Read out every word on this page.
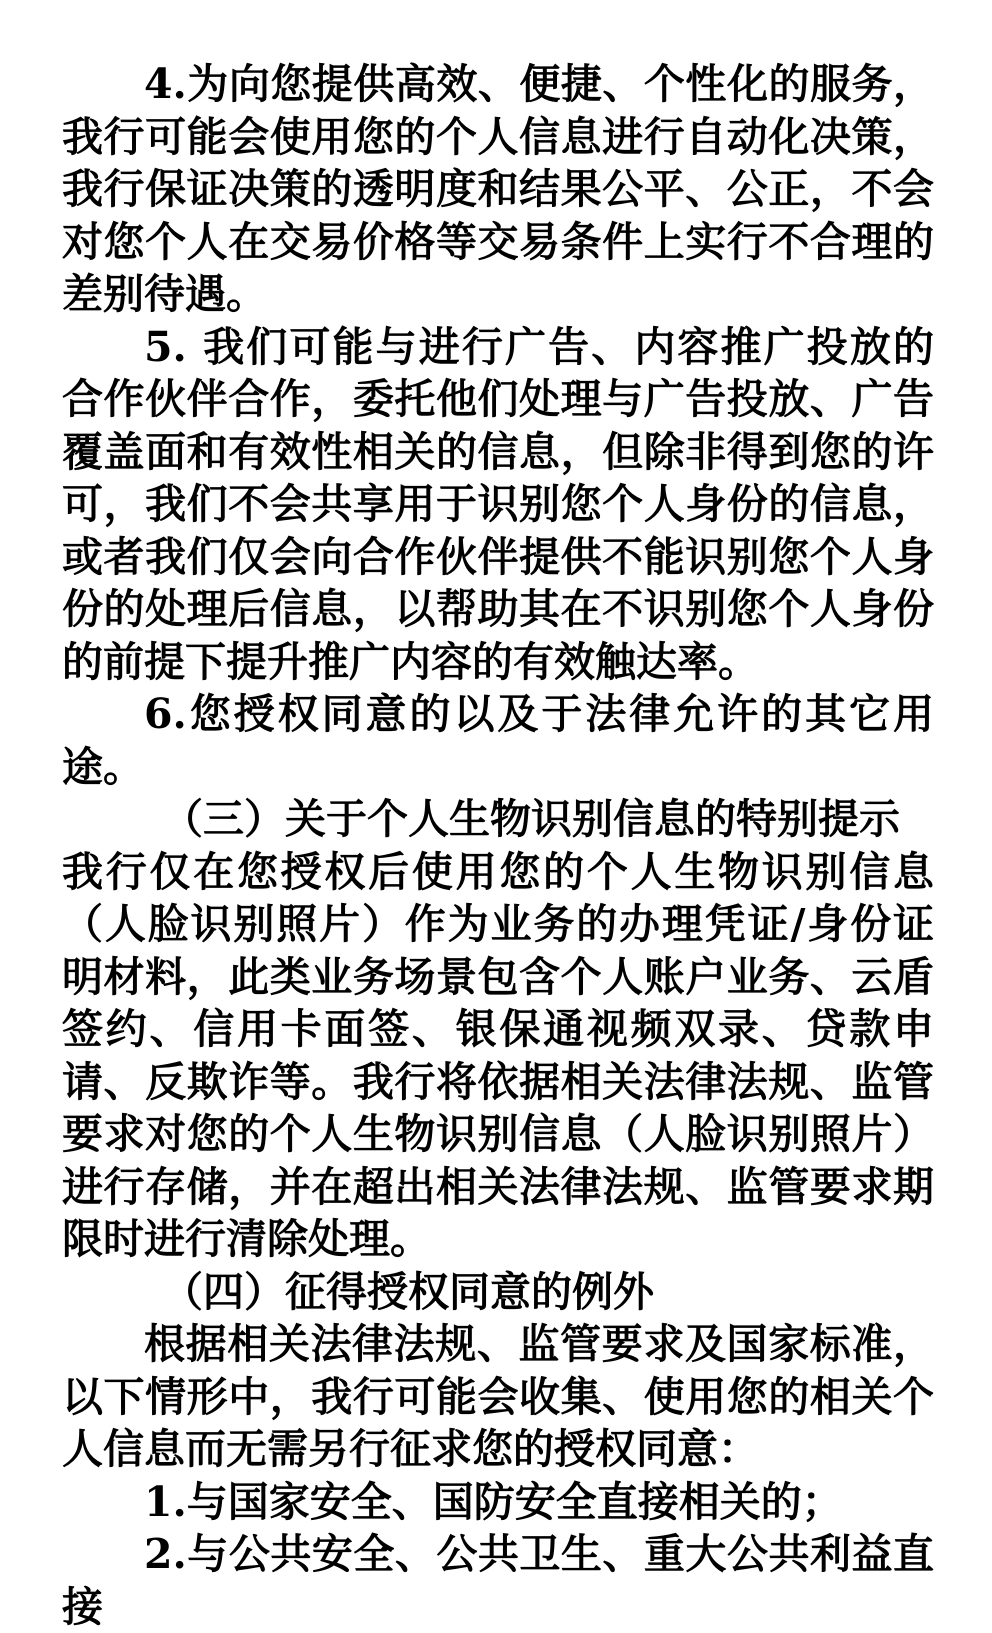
4.为向您提供高效、便捷、个性化的服务，我行可能会使用您的个人信息进行自动化决策，我行保证决策的透明度和结果公平、公正，不会对您个人在交易价格等交易条件上实行不合理的差别待遇。

5. 我们可能与进行广告、内容推广投放的合作伙伴合作，委托他们处理与广告投放、广告覆盖面和有效性相关的信息，但除非得到您的许可，我们不会共享用于识别您个人身份的信息，或者我们仅会向合作伙伴提供不能识别您个人身份的处理后信息，以帮助其在不识别您个人身份的前提下提升推广内容的有效触达率。

6.您授权同意的以及于法律允许的其它用途。

（三）关于个人生物识别信息的特别提示

我行仅在您授权后使用您的个人生物识别信息（人脸识别照片）作为业务的办理凭证/身份证明材料，此类业务场景包含个人账户业务、云盾签约、信用卡面签、银保通视频双录、贷款申请、反欺诈等。我行将依据相关法律法规、监管要求对您的个人生物识别信息（人脸识别照片）进行存储，并在超出相关法律法规、监管要求期限时进行清除处理。

（四）征得授权同意的例外

根据相关法律法规、监管要求及国家标准，以下情形中，我行可能会收集、使用您的相关个人信息而无需另行征求您的授权同意：

1.与国家安全、国防安全直接相关的；

2.与公共安全、公共卫生、重大公共利益直接
